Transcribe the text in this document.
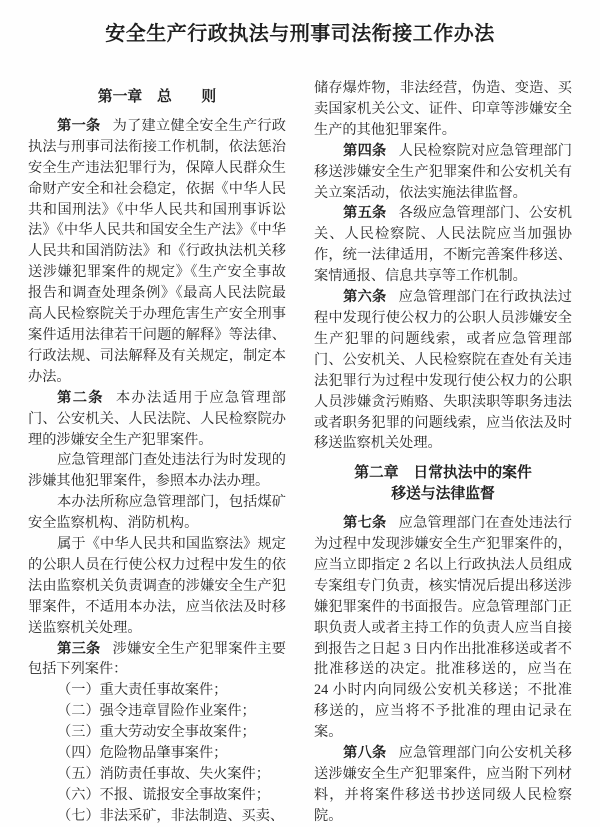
安全生产行政执法与刑事司法衔接工作办法

第一章　总　　则

第一条 为了建立健全安全生产行政执法与刑事司法衔接工作机制，依法惩治安全生产违法犯罪行为，保障人民群众生命财产安全和社会稳定，依据《中华人民共和国刑法》《中华人民共和国刑事诉讼法》《中华人民共和国安全生产法》《中华人民共和国消防法》和《行政执法机关移送涉嫌犯罪案件的规定》《生产安全事故报告和调查处理条例》《最高人民法院最高人民检察院关于办理危害生产安全刑事案件适用法律若干问题的解释》等法律、行政法规、司法解释及有关规定，制定本办法。

第二条 本办法适用于应急管理部门、公安机关、人民法院、人民检察院办理的涉嫌安全生产犯罪案件。

应急管理部门查处违法行为时发现的涉嫌其他犯罪案件，参照本办法办理。

本办法所称应急管理部门，包括煤矿安全监察机构、消防机构。

属于《中华人民共和国监察法》规定的公职人员在行使公权力过程中发生的依法由监察机关负责调查的涉嫌安全生产犯罪案件，不适用本办法，应当依法及时移送监察机关处理。

第三条 涉嫌安全生产犯罪案件主要包括下列案件：

（一）重大责任事故案件；

（二）强令违章冒险作业案件；

（三）重大劳动安全事故案件；

（四）危险物品肇事案件；

（五）消防责任事故、失火案件；

（六）不报、谎报安全事故案件；

（七）非法采矿，非法制造、买卖、

储存爆炸物，非法经营，伪造、变造、买卖国家机关公文、证件、印章等涉嫌安全生产的其他犯罪案件。

第四条 人民检察院对应急管理部门移送涉嫌安全生产犯罪案件和公安机关有关立案活动，依法实施法律监督。

第五条 各级应急管理部门、公安机关、人民检察院、人民法院应当加强协作，统一法律适用，不断完善案件移送、案情通报、信息共享等工作机制。

第六条 应急管理部门在行政执法过程中发现行使公权力的公职人员涉嫌安全生产犯罪的问题线索，或者应急管理部门、公安机关、人民检察院在查处有关违法犯罪行为过程中发现行使公权力的公职人员涉嫌贪污贿赂、失职渎职等职务违法或者职务犯罪的问题线索，应当依法及时移送监察机关处理。

第二章　日常执法中的案件
移送与法律监督

第七条 应急管理部门在查处违法行为过程中发现涉嫌安全生产犯罪案件的，应当立即指定 2 名以上行政执法人员组成专案组专门负责，核实情况后提出移送涉嫌犯罪案件的书面报告。应急管理部门正职负责人或者主持工作的负责人应当自接到报告之日起 3 日内作出批准移送或者不批准移送的决定。批准移送的，应当在 24 小时内向同级公安机关移送；不批准移送的，应当将不予批准的理由记录在案。

第八条 应急管理部门向公安机关移送涉嫌安全生产犯罪案件，应当附下列材料，并将案件移送书抄送同级人民检察院。
